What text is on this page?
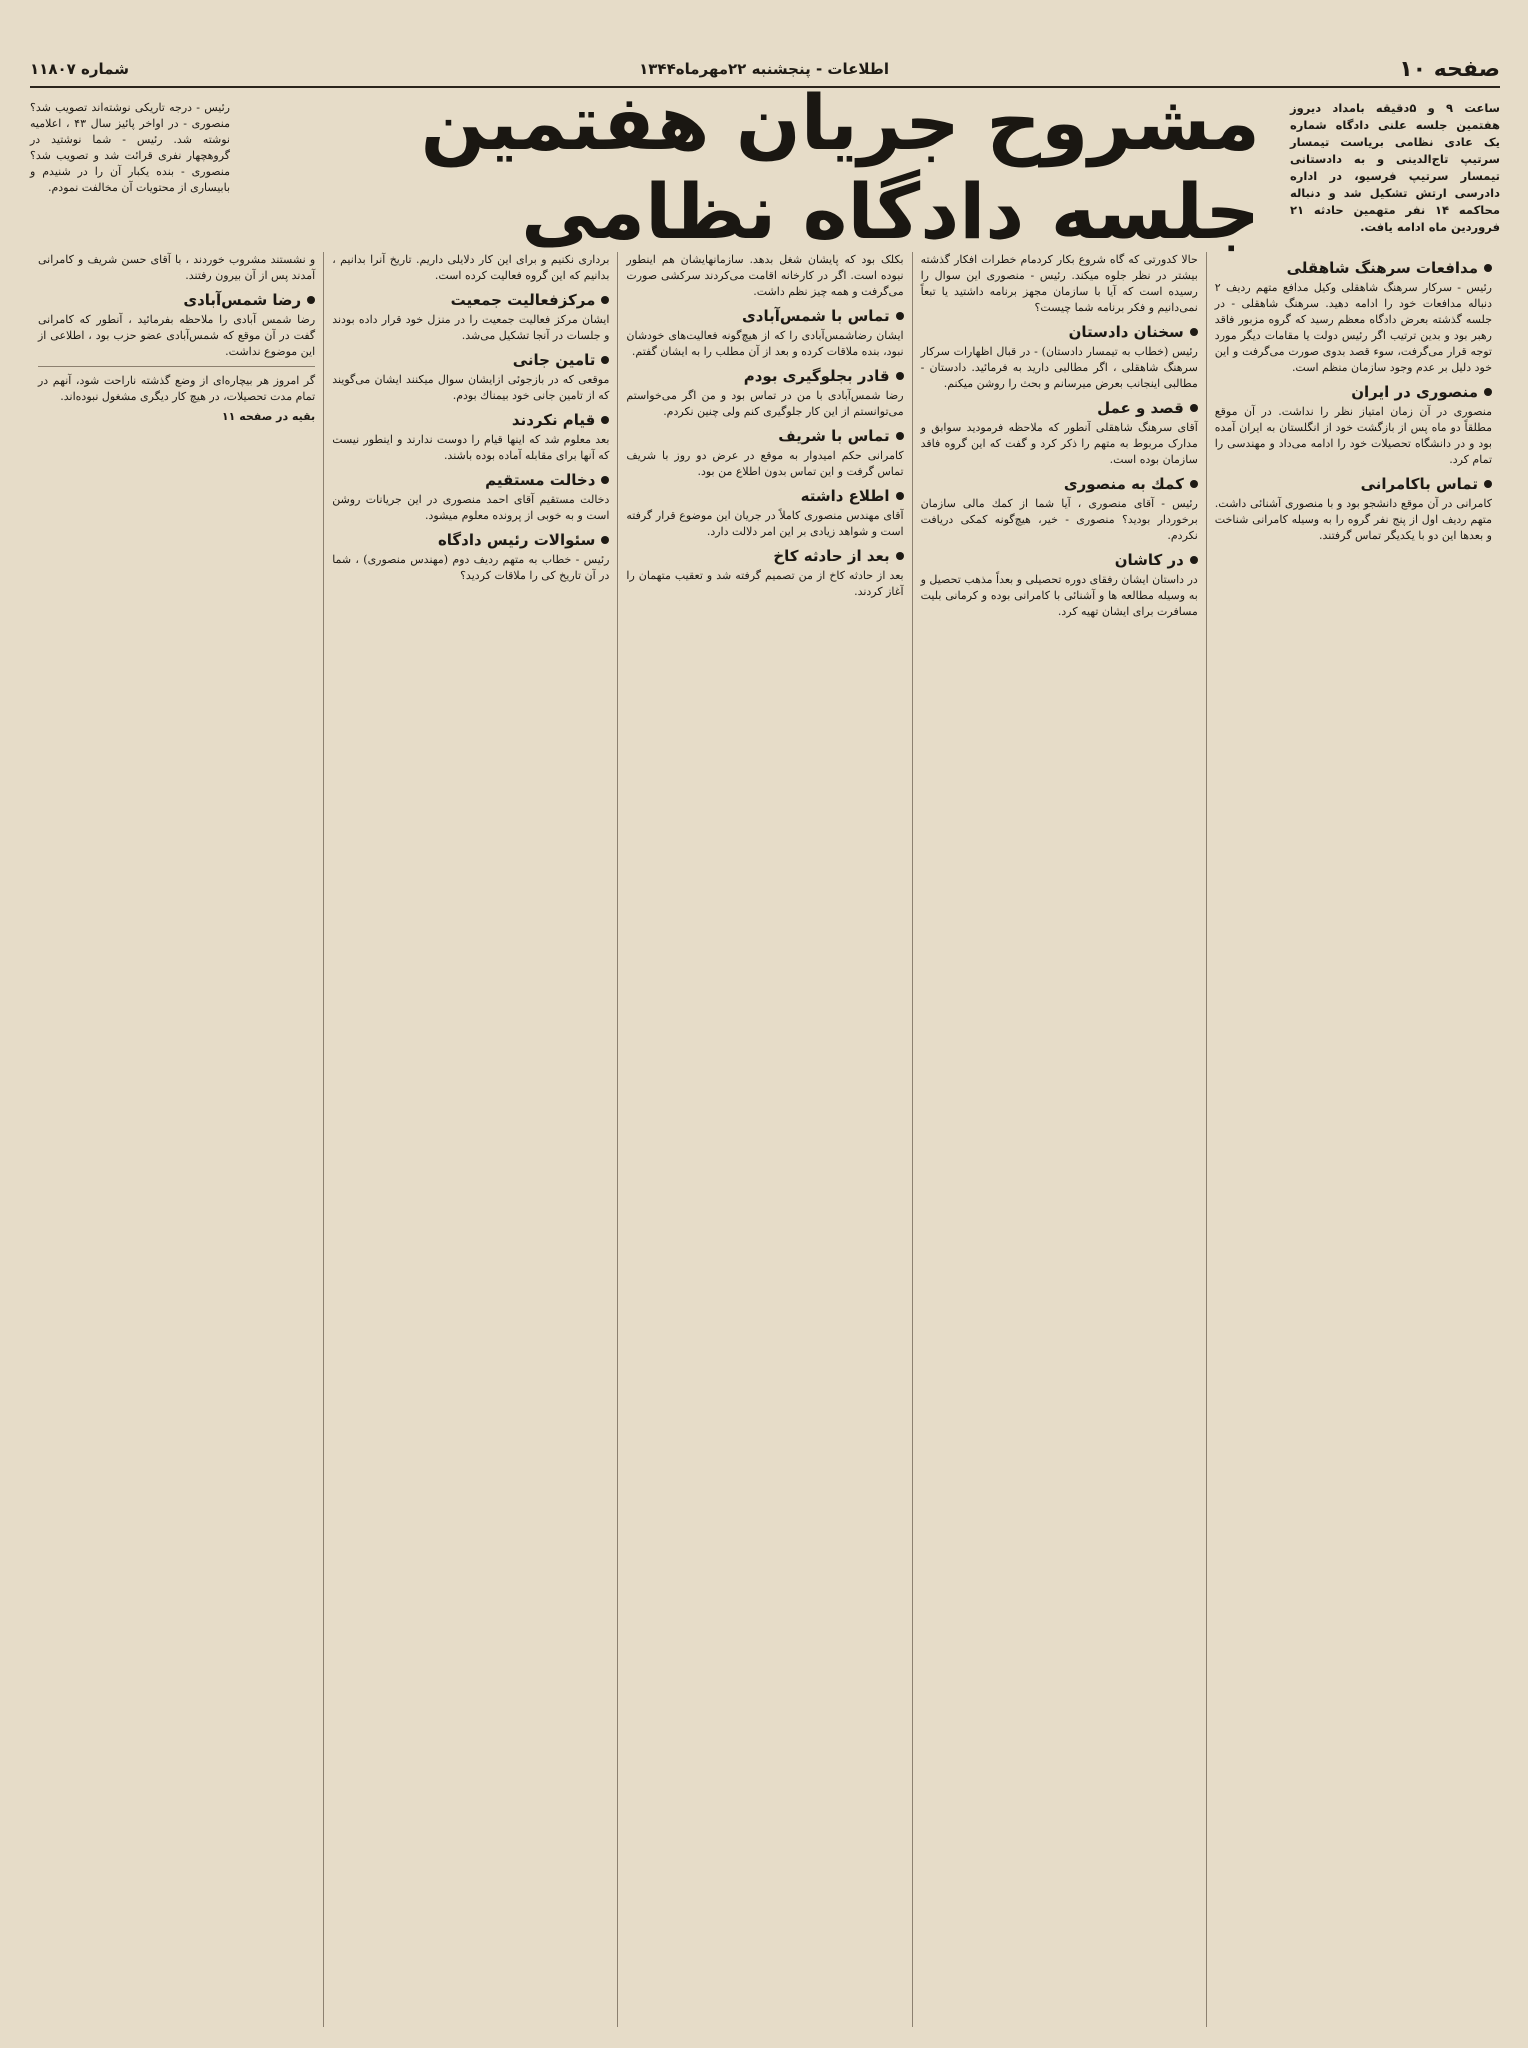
صفحه ۱۰
اطلاعات - پنجشنبه ۲۲مهرماه۱۳۴۴
شماره ۱۱۸۰۷
ساعت ۹ و ۵دقیقه بامداد دیروز هفتمین جلسه علنی دادگاه شماره یک عادی نظامی بریاست تیمسار سرتیپ تاج‌الدینی و به دادستانی تیمسار سرتیپ فرسیو، در اداره دادرسی ارتش تشکیل شد و دنباله محاکمه ۱۴ نفر متهمین حادثه ۲۱ فروردین ماه ادامه یافت.
مشروح جریان هفتمین جلسه دادگاه نظامی
رئیس - درجه تاریکی نوشته‌اند تصویب شد؟ منصوری - در اواخر پائیز سال ۴۳ ، اعلامیه نوشته شد. رئیس - شما نوشتید در گروهچهار نفری قرائت شد و تصویب شد؟ منصوری - بنده یکبار آن را در شنیدم و بابیساری از محتویات آن مخالفت نمودم.
مدافعات سرهنگ شاهقلی

رئیس - سرکار سرهنگ شاهقلی وکیل مدافع متهم ردیف ۲ دنباله مدافعات خود را ادامه دهید. سرهنگ شاهقلی - در جلسه گذشته بعرض دادگاه معظم رسید که گروه مزبور فاقد رهبر بود و بدین ترتیب اگر رئیس دولت یا مقامات دیگر مورد توجه قرار می‌گرفت، سوء قصد بدوی صورت می‌گرفت و این خود دلیل بر عدم وجود سازمان منظم است.

منصوری در ایران

منصوری در آن زمان امتیاز نظر را نداشت. در آن موقع مطلقاً دو ماه پس از بازگشت خود از انگلستان به ایران آمده بود و در دانشگاه تحصیلات خود را ادامه می‌داد و مهندسی را تمام کرد.

تماس باکامرانی

کامرانی در آن موقع دانشجو بود و با منصوری آشنائی داشت. متهم ردیف اول از پنج نفر گروه را به وسیله کامرانی شناخت و بعدها این دو با یکدیگر تماس گرفتند.

حالا کدورتی که گاه شروع بکار کردمام خطرات افکار گذشته بیشتر در نظر جلوه میکند. رئیس - منصوری این سوال را رسیده است که آیا با سازمان مجهز برنامه داشتید یا تبعاً نمی‌دانیم و فکر برنامه شما چیست؟

سخنان دادستان

رئیس (خطاب به تیمسار دادستان) - در قبال اظهارات سرکار سرهنگ شاهقلی ، اگر مطالبی دارید به فرمائید. دادستان - مطالبی اینجانب بعرض میرسانم و بحث را روشن میکنم.

قصد و عمل

آقای سرهنگ شاهقلی آنطور که ملاحظه فرمودید سوابق و مدارک مربوط به متهم را ذکر کرد و گفت که این گروه فاقد سازمان بوده است.

کمك به منصوری

رئیس - آقای منصوری ، آیا شما از کمك مالی سازمان برخوردار بودید؟ منصوری - خیر، هیچ‌گونه کمکی دریافت نکردم.

در کاشان

در داستان ایشان رفقای دوره تحصیلی و بعداً مذهب تحصیل و به وسیله مطالعه ها و آشنائی با کامرانی بوده و کرمانی بلیت مسافرت برای ایشان تهیه کرد.

بکلک بود که پایشان شغل بدهد. سازمانهایشان هم اینطور نبوده است. اگر در کارخانه اقامت می‌کردند سرکشی صورت می‌گرفت و همه چیز نظم داشت.

تماس با شمس‌آبادی

ایشان رضاشمس‌آبادی را که از هیچ‌گونه فعالیت‌های خودشان نبود، بنده ملاقات کرده و بعد از آن مطلب را به ایشان گفتم.

قادر بجلوگیری بودم

رضا شمس‌آبادی با من در تماس بود و من اگر می‌خواستم می‌توانستم از این کار جلوگیری کنم ولی چنین نکردم.

تماس با شریف

کامرانی حکم امیدوار به موقع در عرض دو روز با شریف تماس گرفت و این تماس بدون اطلاع من بود.

اطلاع داشته

آقای مهندس منصوری کاملاً در جریان این موضوع قرار گرفته است و شواهد زیادی بر این امر دلالت دارد.

بعد از حادثه کاخ

بعد از حادثه کاخ از من تصمیم گرفته شد و تعقیب متهمان را آغاز کردند.

برداری نکنیم و برای این کار دلایلی داریم. تاریخ آنرا بدانیم ، بدانیم که این گروه فعالیت کرده است.

مرکزفعالیت جمعیت

ایشان مرکز فعالیت جمعیت را در منزل خود قرار داده بودند و جلسات در آنجا تشکیل می‌شد.

تامین جانی

موقعی که در بازجوئی ازایشان سوال میکنند ایشان می‌گویند که از تامین جانی خود بیمناك بودم.

قیام نکردند

بعد معلوم شد که اینها قیام را دوست ندارند و اینطور نیست که آنها برای مقابله آماده بوده باشند.

دخالت مستقیم

دخالت مستقیم آقای احمد منصوری در این جریانات روشن است و به خوبی از پرونده معلوم میشود.

سئوالات رئیس دادگاه

رئیس - خطاب به متهم ردیف دوم (مهندس منصوری) ، شما در آن تاریخ کی را ملاقات کردید؟

و نشستند مشروب خوردند ، با آقای حسن شریف و کامرانی آمدند پس از آن بیرون رفتند.

رضا شمس‌آبادی

رضا شمس آبادی را ملاحظه بفرمائید ، آنطور که کامرانی گفت در آن موقع که شمس‌آبادی عضو حزب بود ، اطلاعی از این موضوع نداشت.

گر امروز هر بیچاره‌ای از وضع گذشته ناراحت شود، آنهم در تمام مدت تحصیلات، در هیچ کار دیگری مشغول نبوده‌اند.

بقیه در صفحه ۱۱
